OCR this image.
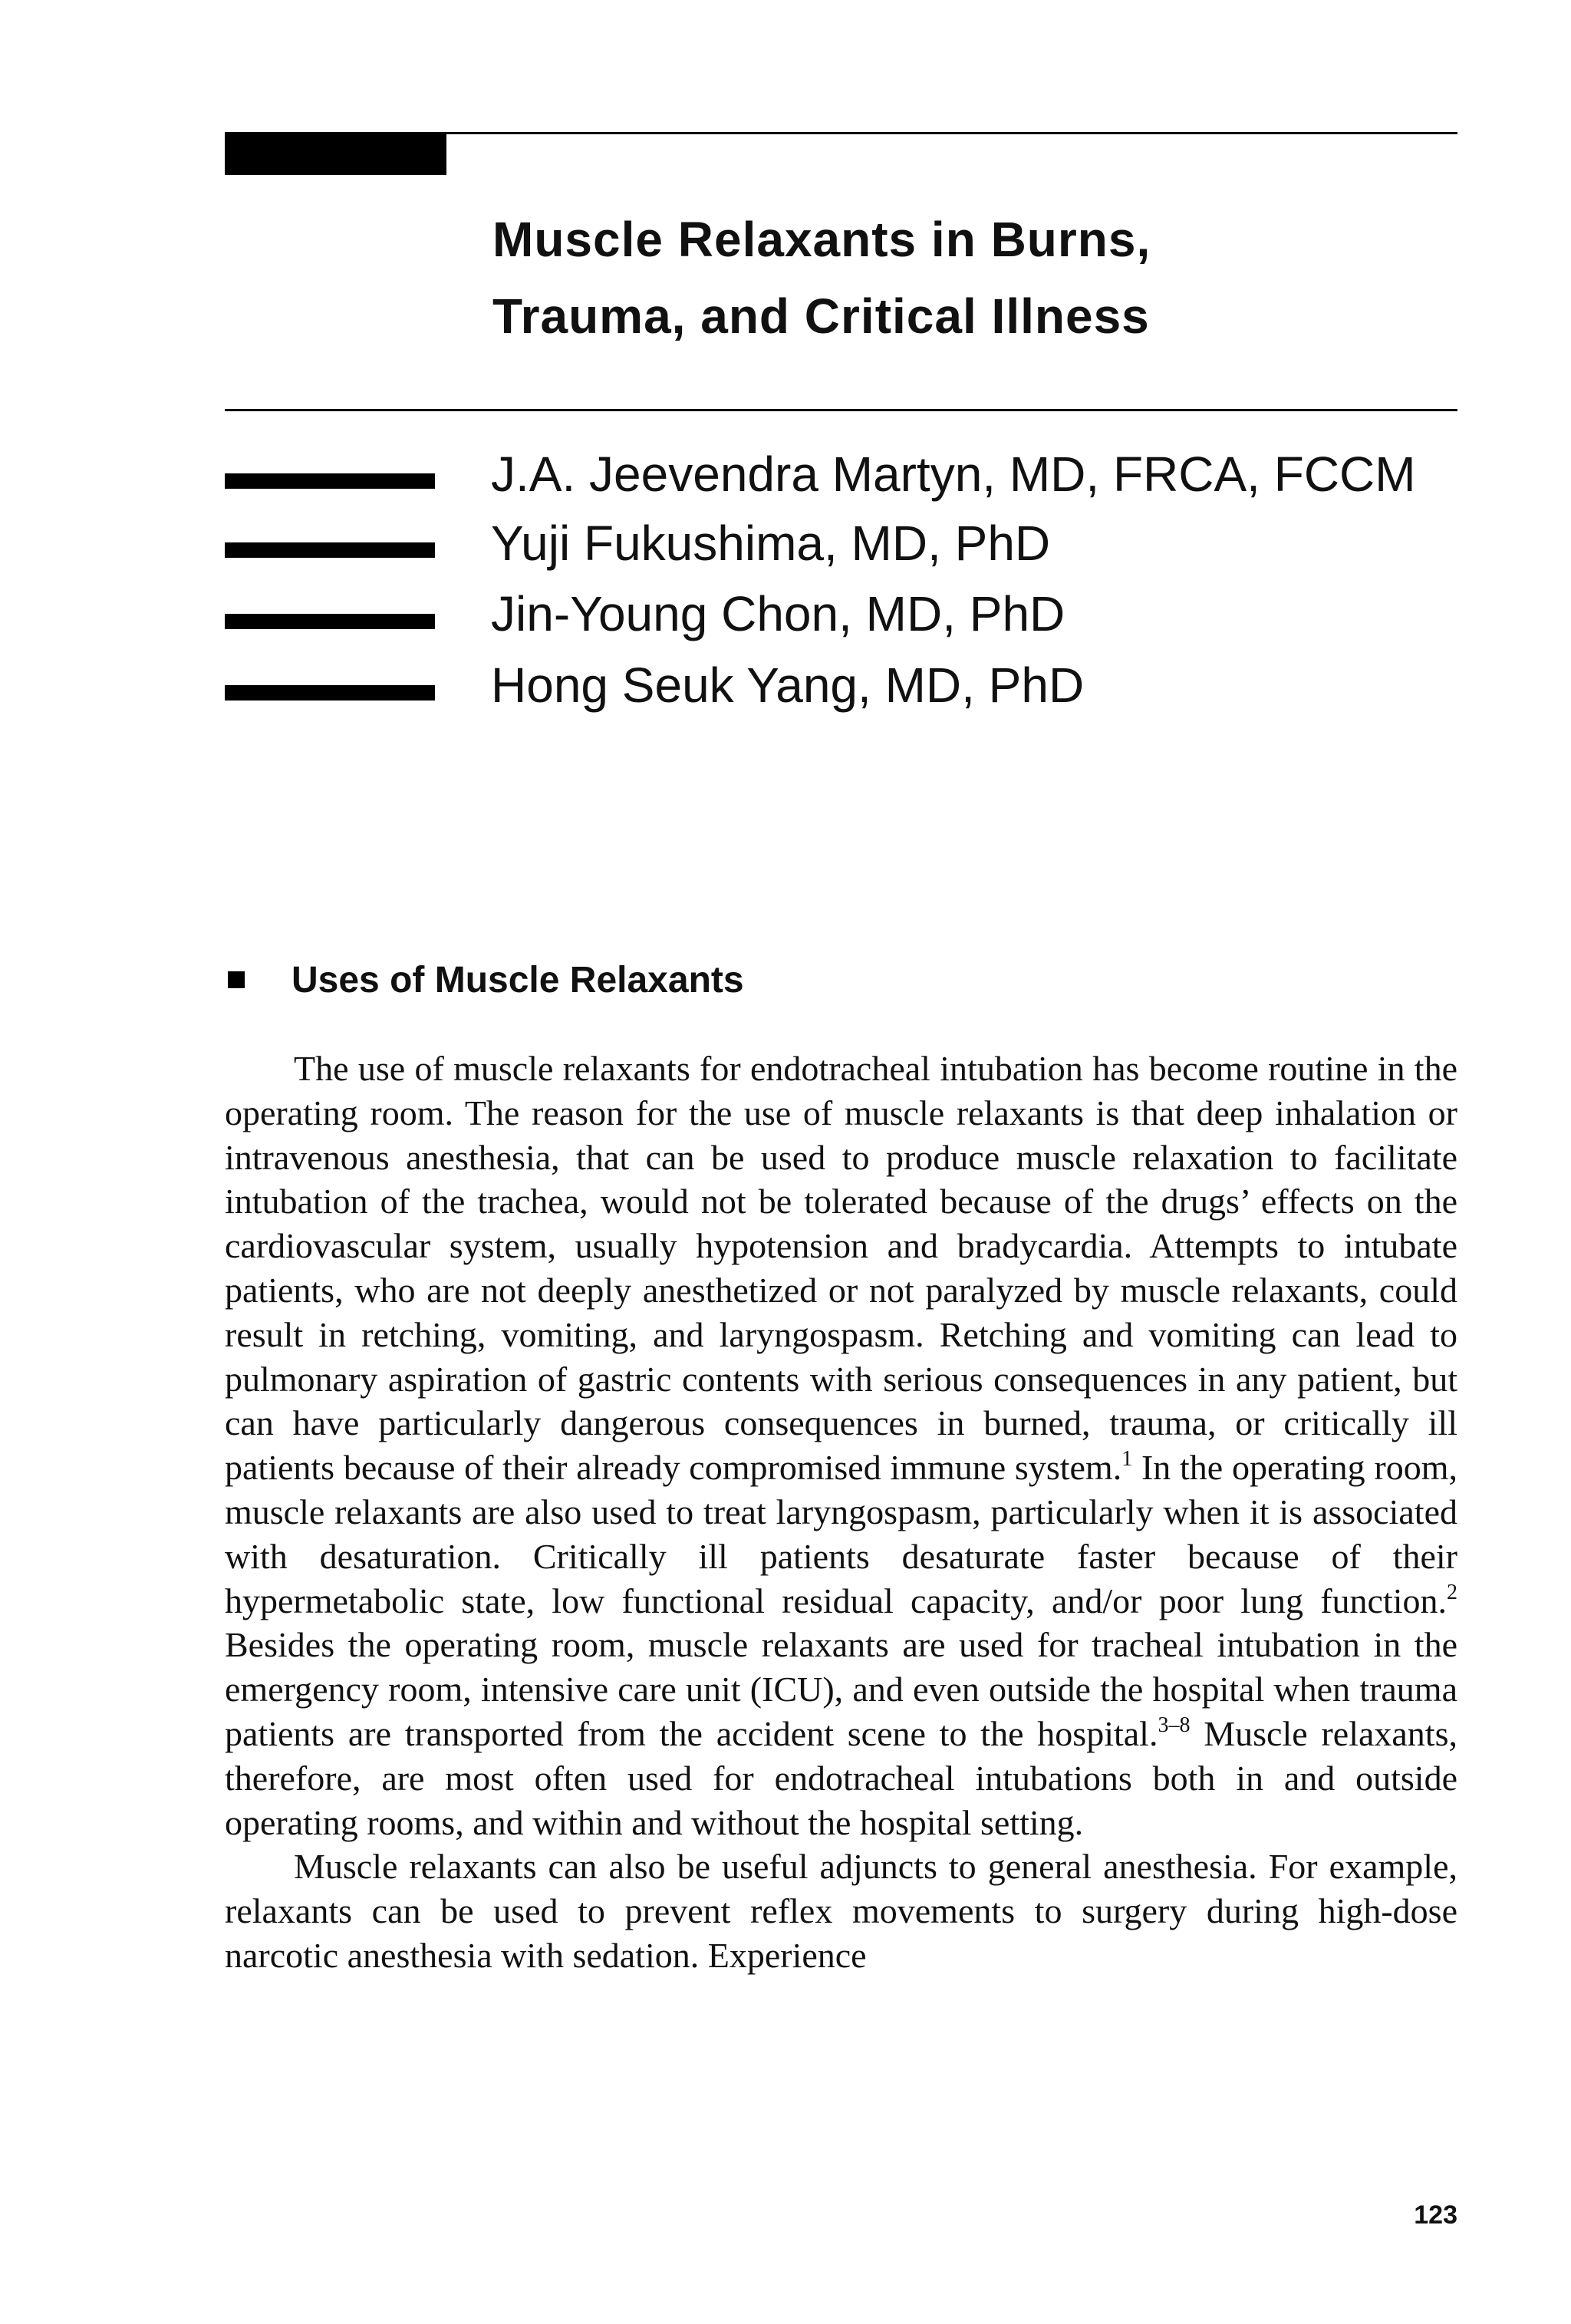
Muscle Relaxants in Burns,
Trauma, and Critical Illness
J.A. Jeevendra Martyn, MD, FRCA, FCCM
Yuji Fukushima, MD, PhD
Jin-Young Chon, MD, PhD
Hong Seuk Yang, MD, PhD
Uses of Muscle Relaxants

The use of muscle relaxants for endotracheal intubation has become routine in the operating room. The reason for the use of muscle relaxants is that deep inhalation or intravenous anesthesia, that can be used to produce muscle relaxation to facilitate intubation of the trachea, would not be tolerated because of the drugs’ effects on the cardiovascular system, usually hypotension and bradycardia. Attempts to intubate patients, who are not deeply anesthetized or not paralyzed by muscle relaxants, could result in retching, vomiting, and laryngospasm. Retching and vomiting can lead to pulmonary aspiration of gastric contents with serious consequences in any patient, but can have particularly dangerous consequences in burned, trauma, or critically ill patients because of their already compromised immune system.$^1$ In the operating room, muscle relaxants are also used to treat laryngospasm, particularly when it is associated with desaturation. Critically ill patients desaturate faster because of their hypermetabolic state, low functional residual capacity, and/or poor lung function.$^2$ Besides the operating room, muscle relaxants are used for tracheal intubation in the emergency room, intensive care unit (ICU), and even outside the hospital when trauma patients are transported from the accident scene to the hospital.$^{3-8}$ Muscle relaxants, therefore, are most often used for endotracheal intubations both in and outside operating rooms, and within and without the hospital setting.

Muscle relaxants can also be useful adjuncts to general anesthesia. For example, relaxants can be used to prevent reflex movements to surgery during high-dose narcotic anesthesia with sedation. Experience

123
